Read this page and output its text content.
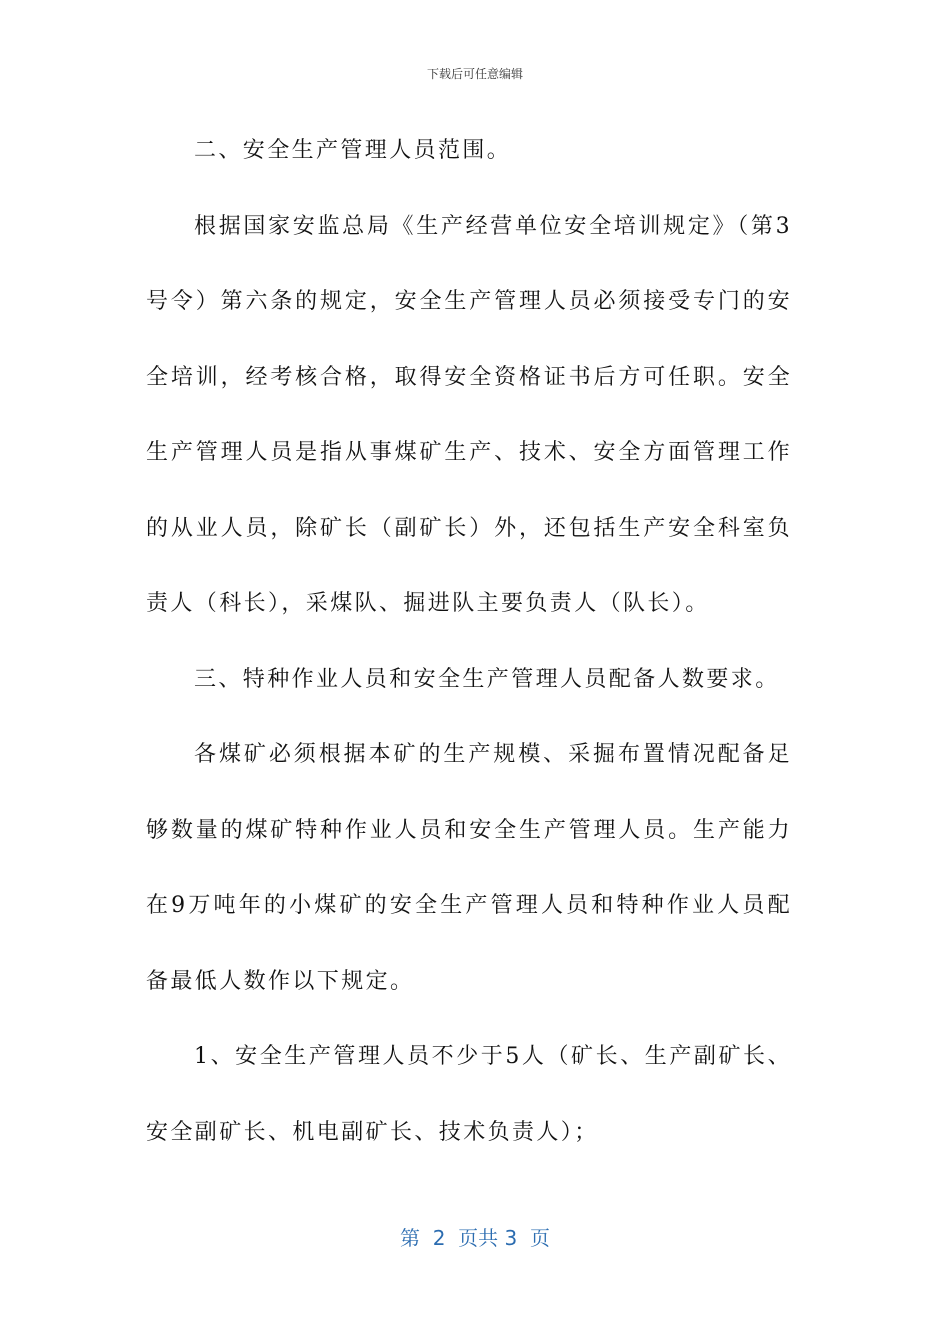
下载后可任意编辑

二、安全生产管理人员范围。

根据国家安监总局《生产经营单位安全培训规定》（第3号令）第六条的规定，安全生产管理人员必须接受专门的安全培训，经考核合格，取得安全资格证书后方可任职。安全生产管理人员是指从事煤矿生产、技术、安全方面管理工作的从业人员，除矿长（副矿长）外，还包括生产安全科室负责人（科长），采煤队、掘进队主要负责人（队长）。

三、特种作业人员和安全生产管理人员配备人数要求。

各煤矿必须根据本矿的生产规模、采掘布置情况配备足够数量的煤矿特种作业人员和安全生产管理人员。生产能力在9万吨年的小煤矿的安全生产管理人员和特种作业人员配备最低人数作以下规定。

1、安全生产管理人员不少于5人（矿长、生产副矿长、安全副矿长、机电副矿长、技术负责人）；

第 2 页共 3 页
